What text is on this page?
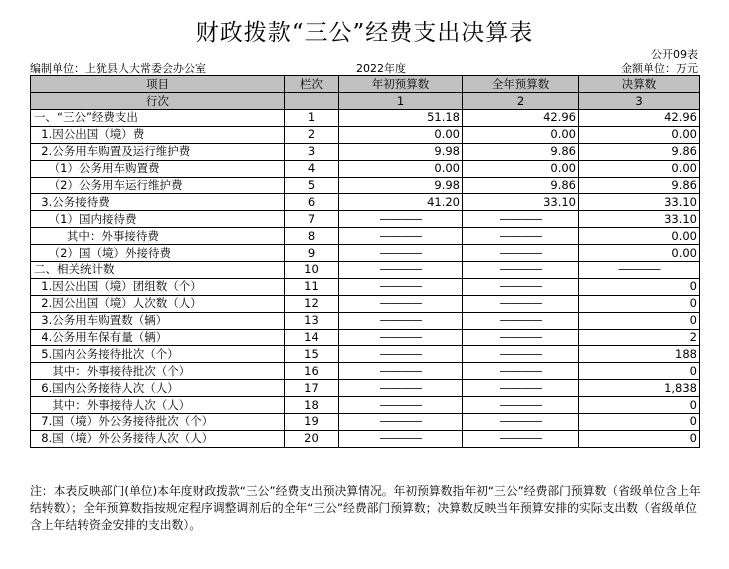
财政拨款“三公”经费支出决算表
公开09表
编制单位：上犹县人大常委会办公室	2022年度	金额单位：万元
项目	栏次	年初预算数	全年预算数	决算数
行次		1	2	3
一、“三公”经费支出	1	51.18	42.96	42.96
1.因公出国（境）费	2	0.00	0.00	0.00
2.公务用车购置及运行维护费	3	9.98	9.86	9.86
（1）公务用车购置费	4	0.00	0.00	0.00
（2）公务用车运行维护费	5	9.98	9.86	9.86
3.公务接待费	6	41.20	33.10	33.10
（1）国内接待费	7	————	————	33.10
其中：外事接待费	8	————	————	0.00
（2）国（境）外接待费	9	————	————	0.00
二、相关统计数	10	————	————	————
1.因公出国（境）团组数（个）	11	————	————	0
2.因公出国（境）人次数（人）	12	————	————	0
3.公务用车购置数（辆）	13	————	————	0
4.公务用车保有量（辆）	14	————	————	2
5.国内公务接待批次（个）	15	————	————	188
其中：外事接待批次（个）	16	————	————	0
6.国内公务接待人次（人）	17	————	————	1,838
其中：外事接待人次（人）	18	————	————	0
7.国（境）外公务接待批次（个）	19	————	————	0
8.国（境）外公务接待人次（人）	20	————	————	0
注：本表反映部门(单位)本年度财政拨款“三公”经费支出预决算情况。年初预算数指年初“三公”经费部门预算数（省级单位含上年结转数）；全年预算数指按规定程序调整调剂后的全年“三公”经费部门预算数；决算数反映当年预算安排的实际支出数（省级单位含上年结转资金安排的支出数）。
